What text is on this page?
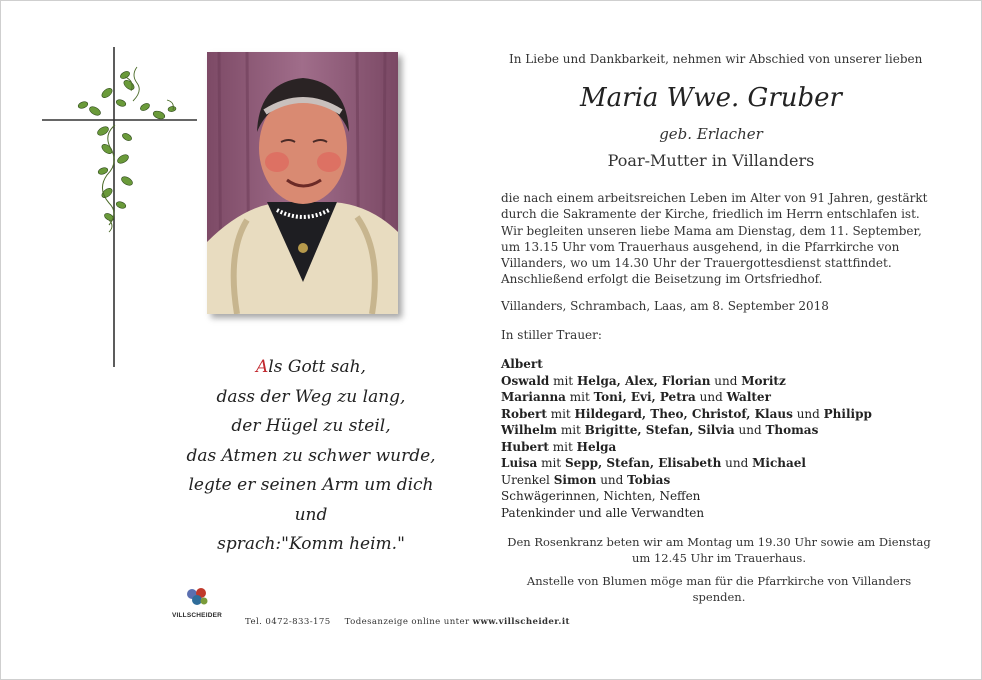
Als Gott sah,
dass der Weg zu lang,
der Hügel zu steil,
das Atmen zu schwer wurde,
legte er seinen Arm um dich und
sprach:"Komm heim."
VILLSCHEIDER

Tel. 0472-833-175 Todesanzeige online unter www.villscheider.it
In Liebe und Dankbarkeit, nehmen wir Abschied von unserer lieben
Maria Wwe. Gruber
geb. Erlacher
Poar-Mutter in Villanders
die nach einem arbeitsreichen Leben im Alter von 91 Jahren, gestärkt
durch die Sakramente der Kirche, friedlich im Herrn entschlafen ist.
Wir begleiten unseren liebe Mama am Dienstag, dem 11. September,
um 13.15 Uhr vom Trauerhaus ausgehend, in die Pfarrkirche von
Villanders, wo um 14.30 Uhr der Trauergottesdienst stattfindet.
Anschließend erfolgt die Beisetzung im Ortsfriedhof.
Villanders, Schrambach, Laas, am 8. September 2018
In stiller Trauer:
Albert
Oswald mit Helga, Alex, Florian und Moritz
Marianna mit Toni, Evi, Petra und Walter
Robert mit Hildegard, Theo, Christof, Klaus und Philipp
Wilhelm mit Brigitte, Stefan, Silvia und Thomas
Hubert mit Helga
Luisa mit Sepp, Stefan, Elisabeth und Michael
Urenkel Simon und Tobias
Schwägerinnen, Nichten, Neffen
Patenkinder und alle Verwandten
Den Rosenkranz beten wir am Montag um 19.30 Uhr sowie am Dienstag
um 12.45 Uhr im Trauerhaus.
Anstelle von Blumen möge man für die Pfarrkirche von Villanders
spenden.
